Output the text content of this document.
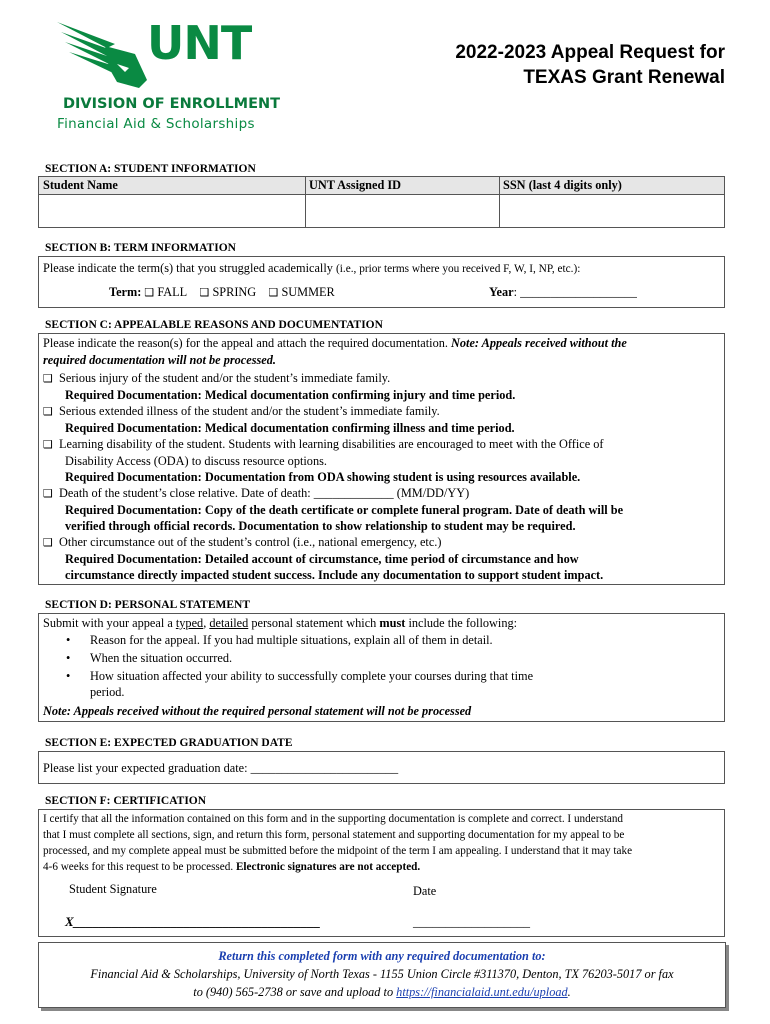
UNT
DIVISION OF ENROLLMENT
Financial Aid & Scholarships
2022-2023 Appeal Request for
TEXAS Grant Renewal
SECTION A: STUDENT INFORMATION
Student Name	UNT Assigned ID	SSN (last 4 digits only)
SECTION B: TERM INFORMATION
Please indicate the term(s) that you struggled academically (i.e., prior terms where you received F, W, I, NP, etc.):
Term: ❑ FALL ❑ SPRING ❑ SUMMER	Year: ___________________
SECTION C: APPEALABLE REASONS AND DOCUMENTATION
Please indicate the reason(s) for the appeal and attach the required documentation. Note: Appeals received without the
required documentation will not be processed.
❑ Serious injury of the student and/or the student’s immediate family.
Required Documentation: Medical documentation confirming injury and time period.
❑ Serious extended illness of the student and/or the student’s immediate family.
Required Documentation: Medical documentation confirming illness and time period.
❑ Learning disability of the student. Students with learning disabilities are encouraged to meet with the Office of
Disability Access (ODA) to discuss resource options.
Required Documentation: Documentation from ODA showing student is using resources available.
❑ Death of the student’s close relative. Date of death: _____________ (MM/DD/YY)
Required Documentation: Copy of the death certificate or complete funeral program. Date of death will be
verified through official records. Documentation to show relationship to student may be required.
❑ Other circumstance out of the student’s control (i.e., national emergency, etc.)
Required Documentation: Detailed account of circumstance, time period of circumstance and how
circumstance directly impacted student success. Include any documentation to support student impact.
SECTION D: PERSONAL STATEMENT
Submit with your appeal a typed, detailed personal statement which must include the following:
• Reason for the appeal. If you had multiple situations, explain all of them in detail.
• When the situation occurred.
• How situation affected your ability to successfully complete your courses during that time
period.
Note: Appeals received without the required personal statement will not be processed
SECTION E: EXPECTED GRADUATION DATE
Please list your expected graduation date: ________________________
SECTION F: CERTIFICATION
I certify that all the information contained on this form and in the supporting documentation is complete and correct. I understand
that I must complete all sections, sign, and return this form, personal statement and supporting documentation for my appeal to be
processed, and my complete appeal must be submitted before the midpoint of the term I am appealing. I understand that it may take
4-6 weeks for this request to be processed. Electronic signatures are not accepted.
Student Signature	Date
X______________________________________	__________________
Return this completed form with any required documentation to:
Financial Aid & Scholarships, University of North Texas - 1155 Union Circle #311370, Denton, TX 76203-5017 or fax
to (940) 565-2738 or save and upload to https://financialaid.unt.edu/upload.
